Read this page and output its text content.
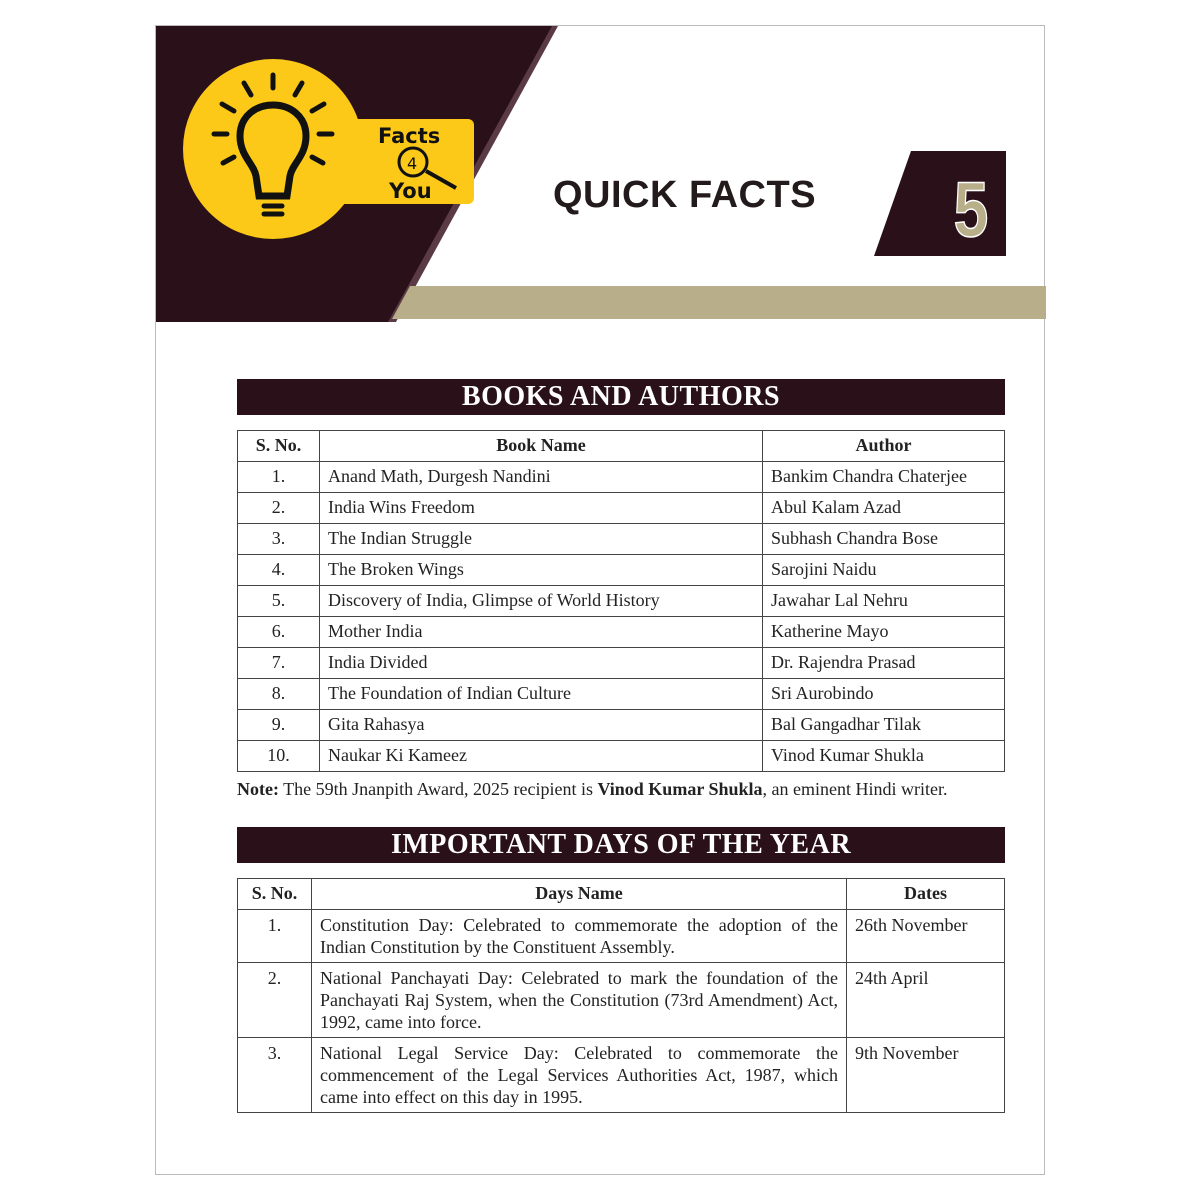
Facts
4
You	QUICK FACTS 5
BOOKS AND AUTHORS
S. No.	Book Name	Author
1.	Anand Math, Durgesh Nandini	Bankim Chandra Chaterjee
2.	India Wins Freedom	Abul Kalam Azad
3.	The Indian Struggle	Subhash Chandra Bose
4.	The Broken Wings	Sarojini Naidu
5.	Discovery of India, Glimpse of World History	Jawahar Lal Nehru
6.	Mother India	Katherine Mayo
7.	India Divided	Dr. Rajendra Prasad
8.	The Foundation of Indian Culture	Sri Aurobindo
9.	Gita Rahasya	Bal Gangadhar Tilak
10.	Naukar Ki Kameez	Vinod Kumar Shukla
Note: The 59th Jnanpith Award, 2025 recipient is Vinod Kumar Shukla, an eminent Hindi writer.
IMPORTANT DAYS OF THE YEAR
S. No.	Days Name	Dates
1.	Constitution Day: Celebrated to commemorate the adoption of the Indian Constitution by the Constituent Assembly.	26th November
2.	National Panchayati Day: Celebrated to mark the foundation of the Panchayati Raj System, when the Constitution (73rd Amendment) Act, 1992, came into force.	24th April
3.	National Legal Service Day: Celebrated to commemorate the commencement of the Legal Services Authorities Act, 1987, which came into effect on this day in 1995.	9th November
